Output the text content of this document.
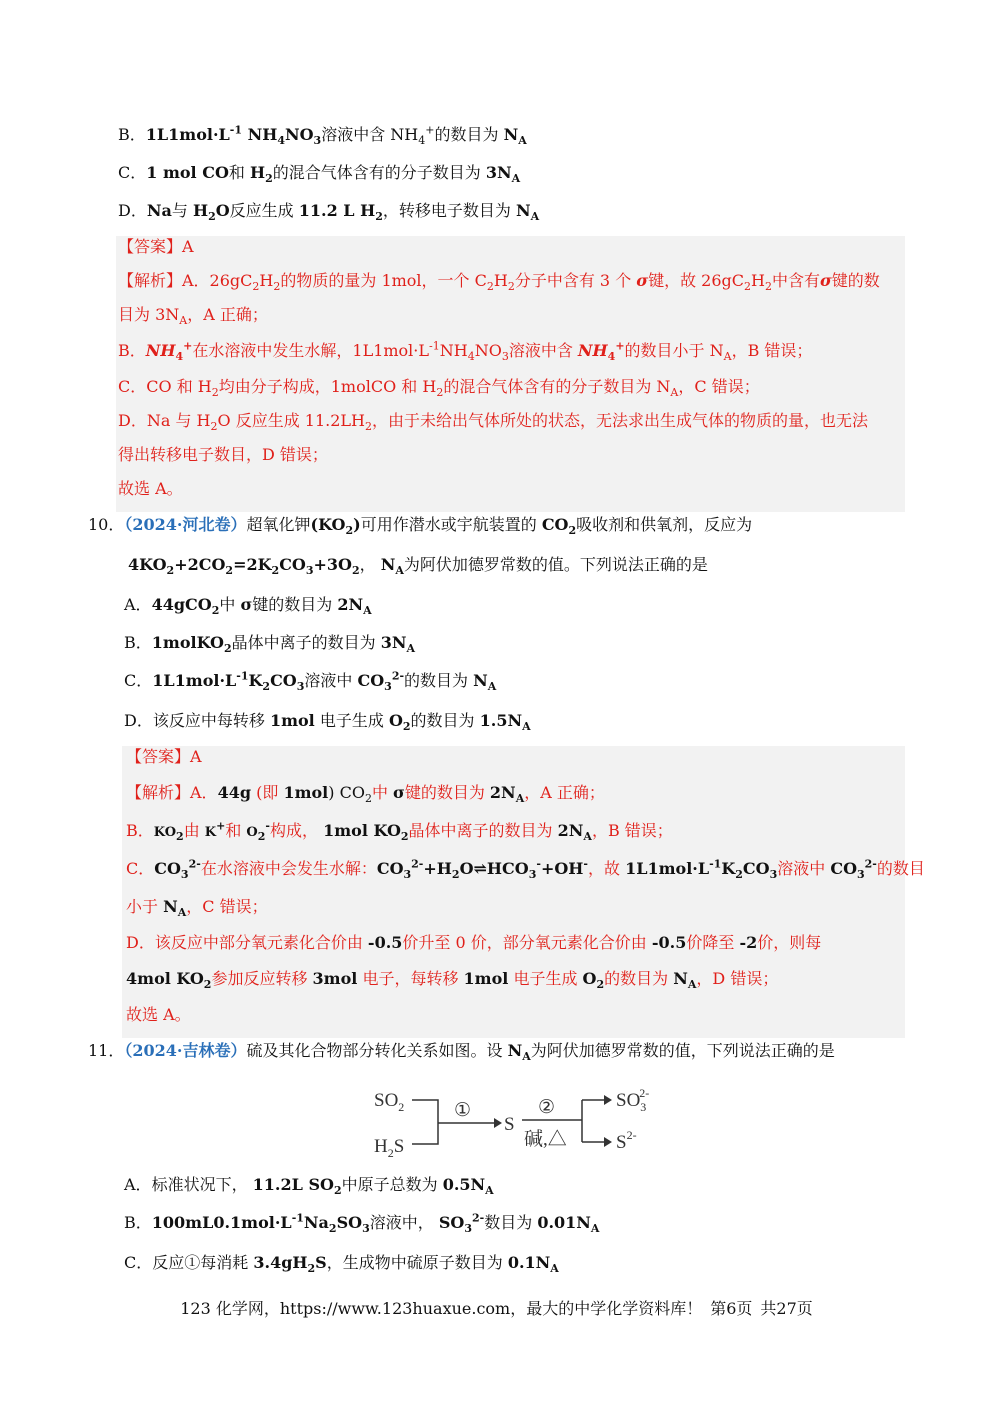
B．$1L1mol\cdot L^{-1}$ $NH_4NO_3$溶液中含 $NH_4^+$的数目为 $N_A$
C．1 mol CO和 $H_2$的混合气体含有的分子数目为 $3N_A$
D．Na与 $H_2O$反应生成 11.2 L $H_2$，转移电子数目为 $N_A$
【答案】A
【解析】A．$26gC_2H_2$的物质的量为 1mol，一个 $C_2H_2$分子中含有 3 个 σ键，故 $26gC_2H_2$中含有σ键的数
目为 $3N_A$，A 正确；
B．$NH_4^+$在水溶液中发生水解，$1L1mol\cdot L^{-1}NH_4NO_3$溶液中含 $NH_4^+$的数目小于 $N_A$，B 错误；
C．CO 和 $H_2$均由分子构成，1molCO 和 $H_2$的混合气体含有的分子数目为 $N_A$，C 错误；
D．Na 与 $H_2O$ 反应生成 $11.2LH_2$，由于未给出气体所处的状态，无法求出生成气体的物质的量，也无法
得出转移电子数目，D 错误；
故选 A。
10．（2024·河北卷）超氧化钾$(KO_2)$可用作潜水或宇航装置的 $CO_2$吸收剂和供氧剂，反应为
$4KO_2+2CO_2=2K_2CO_3+3O_2$， $N_A$为阿伏加德罗常数的值。下列说法正确的是
A．44gCO$_2$中 σ键的数目为 $2N_A$
B．1molKO$_2$晶体中离子的数目为 $3N_A$
C．$1L1mol\cdot L^{-1}K_2CO_3$溶液中 $CO_3^{2-}$的数目为 $N_A$
D．该反应中每转移 1mol 电子生成 $O_2$的数目为 $1.5N_A$
【答案】A
【解析】A．44g (即 1mol) $CO_2$中 σ键的数目为 $2N_A$，A 正确；
B．$KO_2$由 K+和 $O_2^-$构成， 1mol $KO_2$晶体中离子的数目为 $2N_A$，B 错误；
C．$CO_3^{2-}$在水溶液中会发生水解：$CO_3^{2-}+H_2O\rightleftharpoons HCO_3^-+OH^-$，故 $1L1mol\cdot L^{-1}K_2CO_3$溶液中 $CO_3^{2-}$的数目
小于 $N_A$，C 错误；
D．该反应中部分氧元素化合价由 -0.5价升至 0 价，部分氧元素化合价由 -0.5价降至 -2价，则每
4mol $KO_2$参加反应转移 3mol 电子，每转移 1mol 电子生成 $O_2$的数目为 $N_A$，D 错误；
故选 A。
11．（2024·吉林卷）硫及其化合物部分转化关系如图。设 $N_A$为阿伏加德罗常数的值，下列说法正确的是
$SO_2$
$H_2S$
①
S
②
碱,△
$SO_32-$
$S^{2-}$
A．标准状况下， 11.2L $SO_2$中原子总数为 $0.5N_A$
B．$100mL0.1mol\cdot L^{-1}Na_2SO_3$溶液中， $SO_3^{2-}$数目为 $0.01N_A$
C．反应①每消耗 $3.4gH_2S$，生成物中硫原子数目为 $0.1N_A$
123 化学网，https://www.123huaxue.com，最大的中学化学资料库！ 第6页 共27页
